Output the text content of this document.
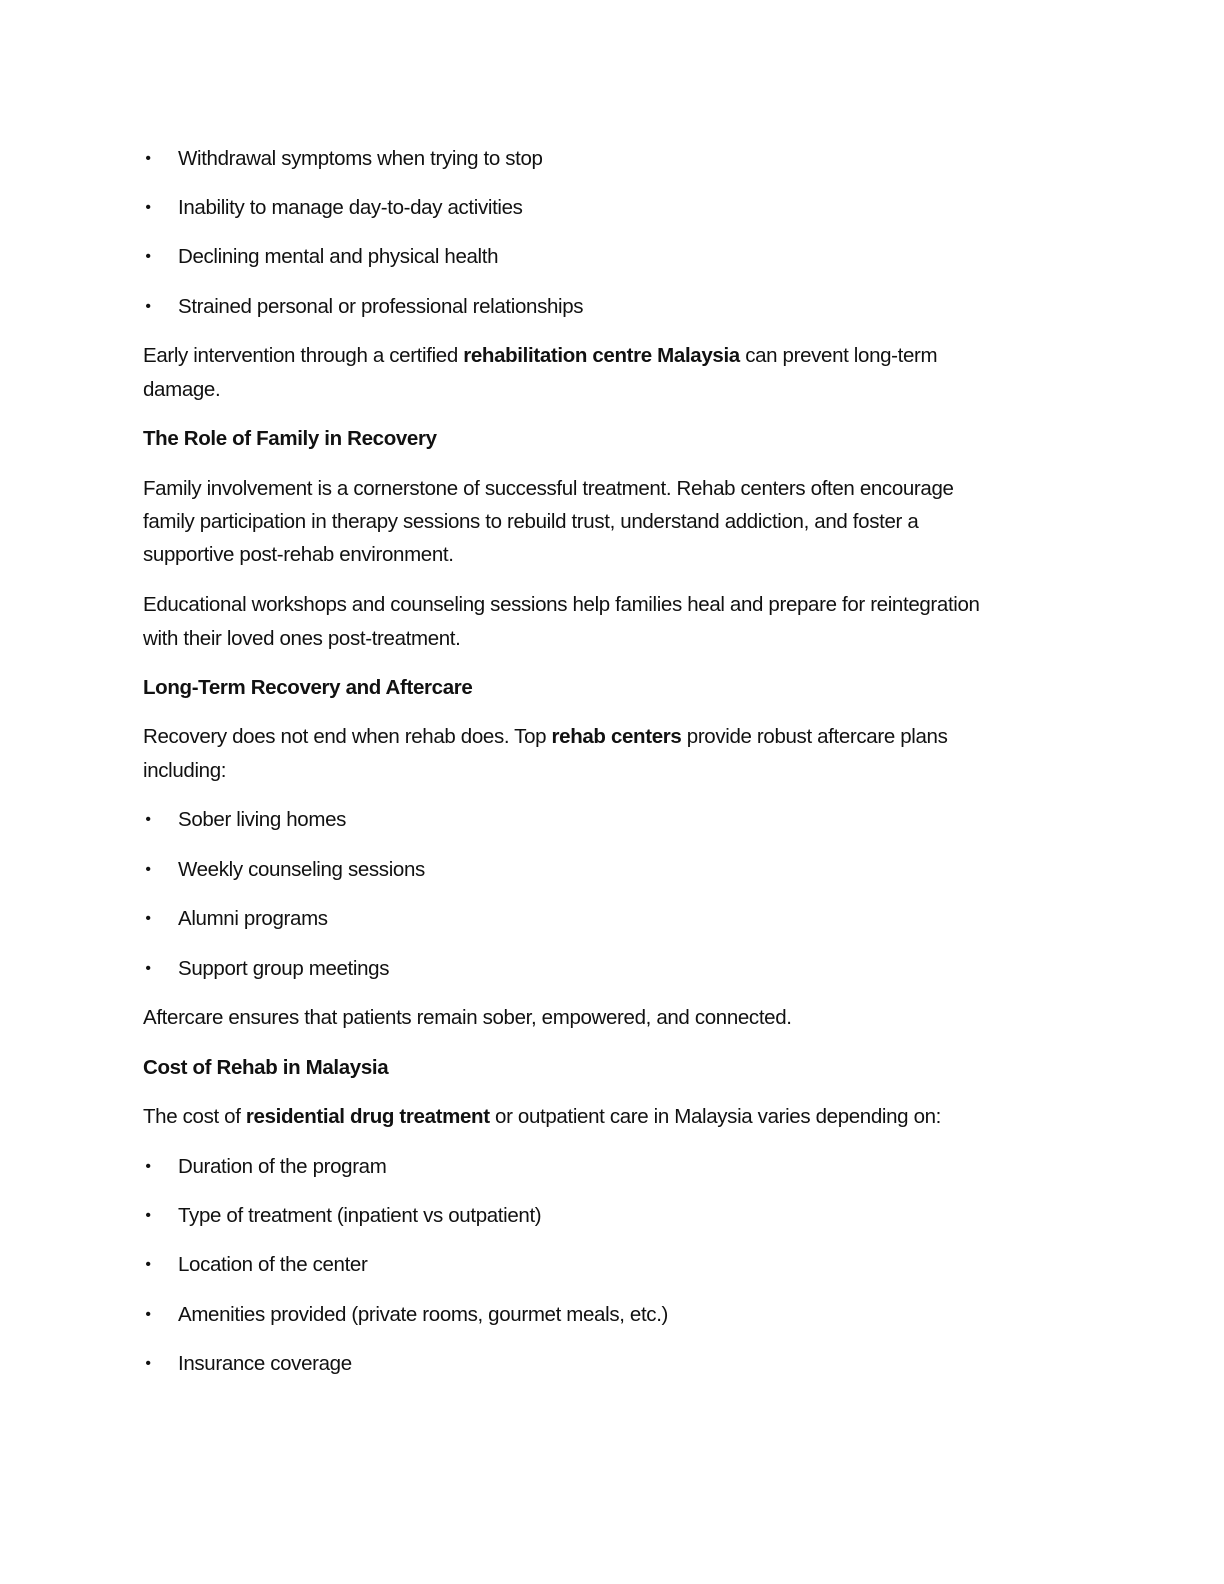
• Withdrawal symptoms when trying to stop
• Inability to manage day-to-day activities
• Declining mental and physical health
• Strained personal or professional relationships
Early intervention through a certified rehabilitation centre Malaysia can prevent long-term
damage.
The Role of Family in Recovery
Family involvement is a cornerstone of successful treatment. Rehab centers often encourage
family participation in therapy sessions to rebuild trust, understand addiction, and foster a
supportive post-rehab environment.
Educational workshops and counseling sessions help families heal and prepare for reintegration
with their loved ones post-treatment.
Long-Term Recovery and Aftercare
Recovery does not end when rehab does. Top rehab centers provide robust aftercare plans
including:
• Sober living homes
• Weekly counseling sessions
• Alumni programs
• Support group meetings
Aftercare ensures that patients remain sober, empowered, and connected.
Cost of Rehab in Malaysia
The cost of residential drug treatment or outpatient care in Malaysia varies depending on:
• Duration of the program
• Type of treatment (inpatient vs outpatient)
• Location of the center
• Amenities provided (private rooms, gourmet meals, etc.)
• Insurance coverage
